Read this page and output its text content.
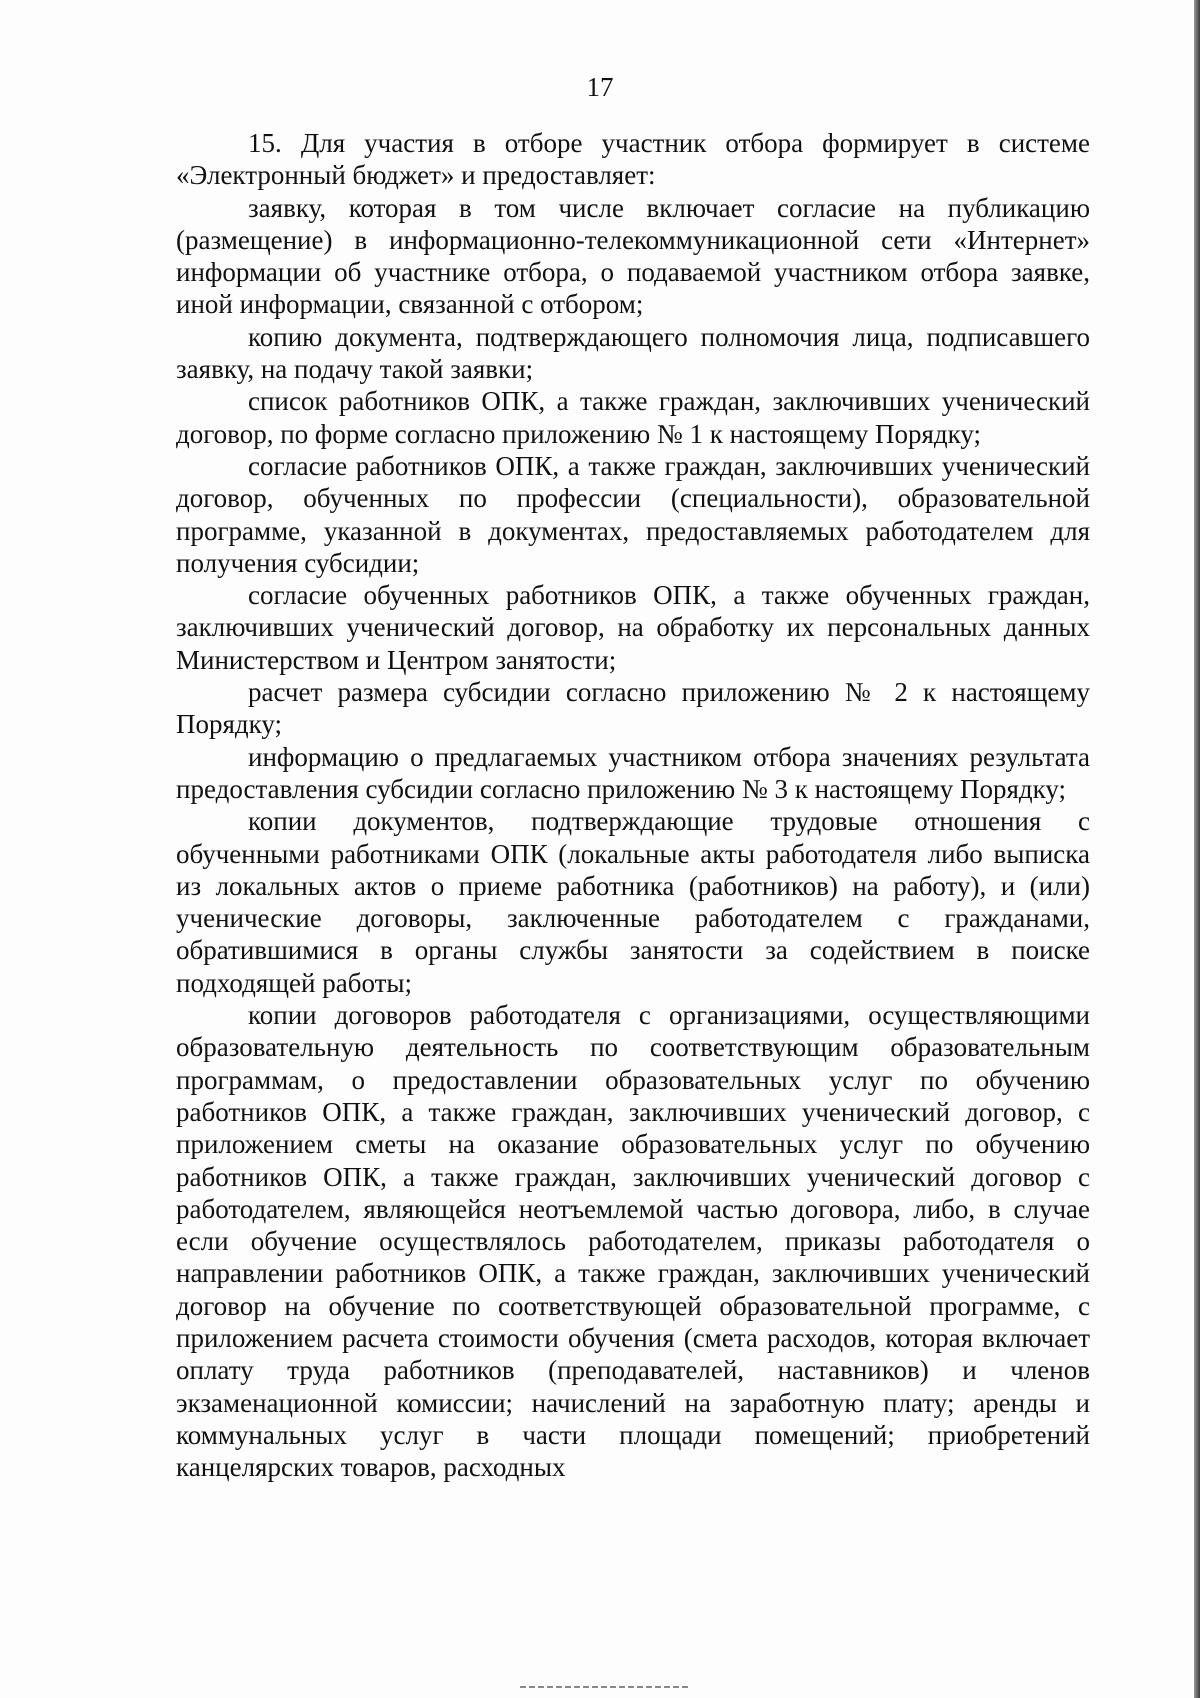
17

15. Для участия в отборе участник отбора формирует в системе «Электронный бюджет» и предоставляет:

заявку, которая в том числе включает согласие на публикацию (размещение) в информационно-телекоммуникационной сети «Интернет» информации об участнике отбора, о подаваемой участником отбора заявке, иной информации, связанной с отбором;

копию документа, подтверждающего полномочия лица, подписавшего заявку, на подачу такой заявки;

список работников ОПК, а также граждан, заключивших ученический договор, по форме согласно приложению № 1 к настоящему Порядку;

согласие работников ОПК, а также граждан, заключивших ученический договор, обученных по профессии (специальности), образовательной программе, указанной в документах, предоставляемых работодателем для получения субсидии;

согласие обученных работников ОПК, а также обученных граждан, заключивших ученический договор, на обработку их персональных данных Министерством и Центром занятости;

расчет размера субсидии согласно приложению № 2 к настоящему Порядку;

информацию о предлагаемых участником отбора значениях результата предоставления субсидии согласно приложению № 3 к настоящему Порядку;

копии документов, подтверждающие трудовые отношения с обученными работниками ОПК (локальные акты работодателя либо выписка из локальных актов о приеме работника (работников) на работу), и (или) ученические договоры, заключенные работодателем с гражданами, обратившимися в органы службы занятости за содействием в поиске подходящей работы;

копии договоров работодателя с организациями, осуществляющими образовательную деятельность по соответствующим образовательным программам, о предоставлении образовательных услуг по обучению работников ОПК, а также граждан, заключивших ученический договор, с приложением сметы на оказание образовательных услуг по обучению работников ОПК, а также граждан, заключивших ученический договор с работодателем, являющейся неотъемлемой частью договора, либо, в случае если обучение осуществлялось работодателем, приказы работодателя о направлении работников ОПК, а также граждан, заключивших ученический договор на обучение по соответствующей образовательной программе, с приложением расчета стоимости обучения (смета расходов, которая включает оплату труда работников (преподавателей, наставников) и членов экзаменационной комиссии; начислений на заработную плату; аренды и коммунальных услуг в части площади помещений; приобретений канцелярских товаров, расходных
